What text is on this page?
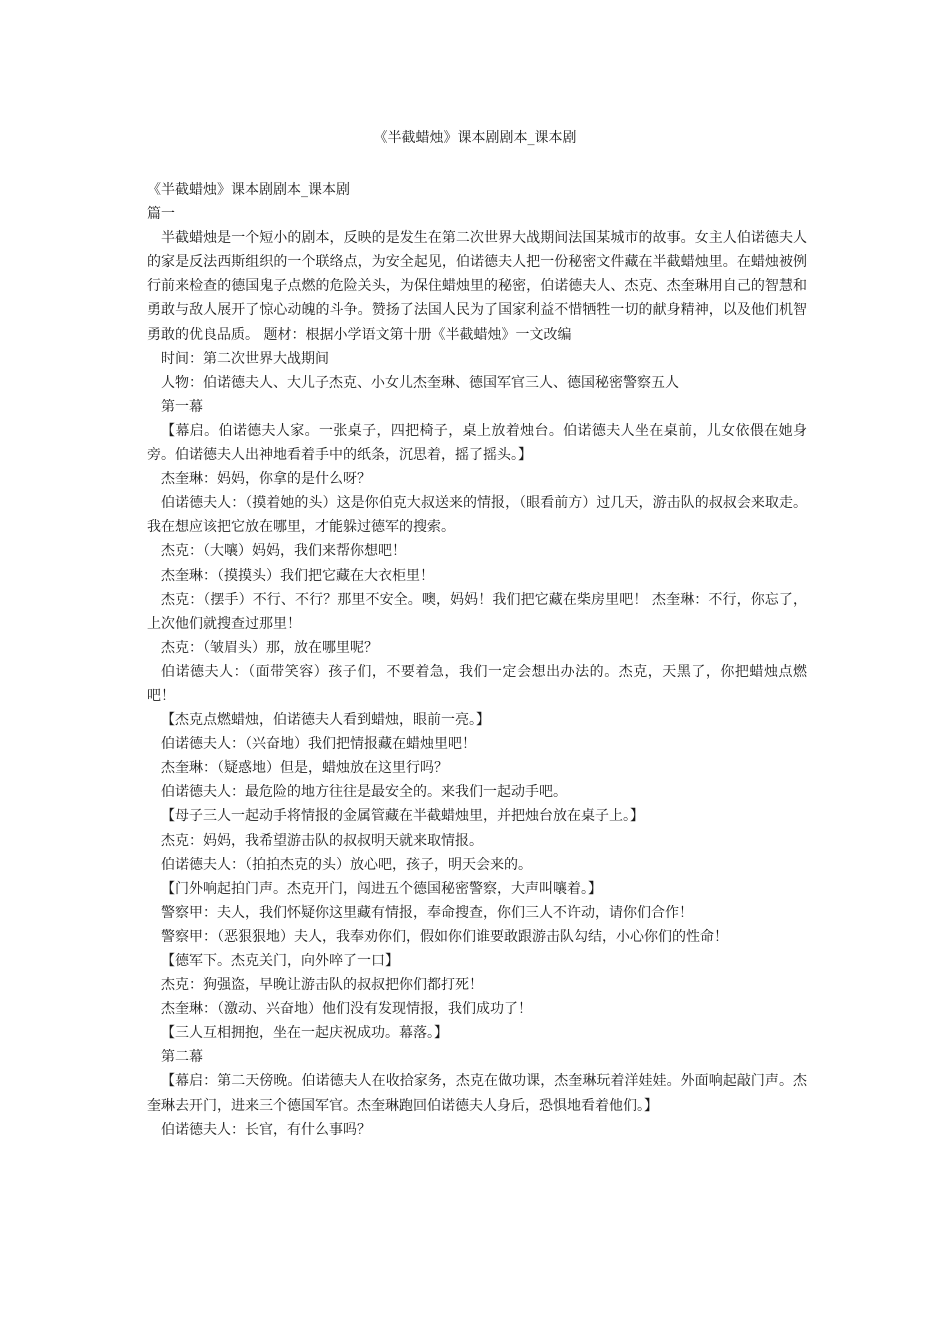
《半截蜡烛》课本剧剧本_课本剧

《半截蜡烛》课本剧剧本_课本剧

篇一

半截蜡烛是一个短小的剧本，反映的是发生在第二次世界大战期间法国某城市的故事。女主人伯诺德夫人的家是反法西斯组织的一个联络点，为安全起见，伯诺德夫人把一份秘密文件藏在半截蜡烛里。在蜡烛被例行前来检查的德国鬼子点燃的危险关头，为保住蜡烛里的秘密，伯诺德夫人、杰克、杰奎琳用自己的智慧和勇敢与敌人展开了惊心动魄的斗争。赞扬了法国人民为了国家利益不惜牺牲一切的献身精神，以及他们机智勇敢的优良品质。 题材：根据小学语文第十册《半截蜡烛》一文改编

时间：第二次世界大战期间

人物：伯诺德夫人、大儿子杰克、小女儿杰奎琳、德国军官三人、德国秘密警察五人

第一幕

【幕启。伯诺德夫人家。一张桌子，四把椅子，桌上放着烛台。伯诺德夫人坐在桌前，儿女依偎在她身旁。伯诺德夫人出神地看着手中的纸条，沉思着，摇了摇头。】

杰奎琳：妈妈，你拿的是什么呀？

伯诺德夫人：（摸着她的头）这是你伯克大叔送来的情报，（眼看前方）过几天，游击队的叔叔会来取走。我在想应该把它放在哪里，才能躲过德军的搜索。

杰克：（大嚷）妈妈，我们来帮你想吧！

杰奎琳：（摸摸头）我们把它藏在大衣柜里！

杰克：（摆手）不行、不行？那里不安全。噢，妈妈！我们把它藏在柴房里吧！ 杰奎琳：不行，你忘了，上次他们就搜查过那里！

杰克：（皱眉头）那，放在哪里呢？

伯诺德夫人：（面带笑容）孩子们，不要着急，我们一定会想出办法的。杰克，天黑了，你把蜡烛点燃吧！

【杰克点燃蜡烛，伯诺德夫人看到蜡烛，眼前一亮。】

伯诺德夫人：（兴奋地）我们把情报藏在蜡烛里吧！

杰奎琳：（疑惑地）但是，蜡烛放在这里行吗？

伯诺德夫人：最危险的地方往往是最安全的。来我们一起动手吧。

【母子三人一起动手将情报的金属管藏在半截蜡烛里，并把烛台放在桌子上。】

杰克：妈妈，我希望游击队的叔叔明天就来取情报。

伯诺德夫人：（拍拍杰克的头）放心吧，孩子，明天会来的。

【门外响起拍门声。杰克开门，闯进五个德国秘密警察，大声叫嚷着。】

警察甲：夫人，我们怀疑你这里藏有情报，奉命搜查，你们三人不许动，请你们合作！

警察甲：（恶狠狠地）夫人，我奉劝你们，假如你们谁要敢跟游击队勾结，小心你们的性命！

【德军下。杰克关门，向外啐了一口】

杰克：狗强盗，早晚让游击队的叔叔把你们都打死！

杰奎琳：（激动、兴奋地）他们没有发现情报，我们成功了！

【三人互相拥抱，坐在一起庆祝成功。幕落。】

第二幕

【幕启：第二天傍晚。伯诺德夫人在收拾家务，杰克在做功课，杰奎琳玩着洋娃娃。外面响起敲门声。杰奎琳去开门，进来三个德国军官。杰奎琳跑回伯诺德夫人身后，恐惧地看着他们。】

伯诺德夫人：长官，有什么事吗？
